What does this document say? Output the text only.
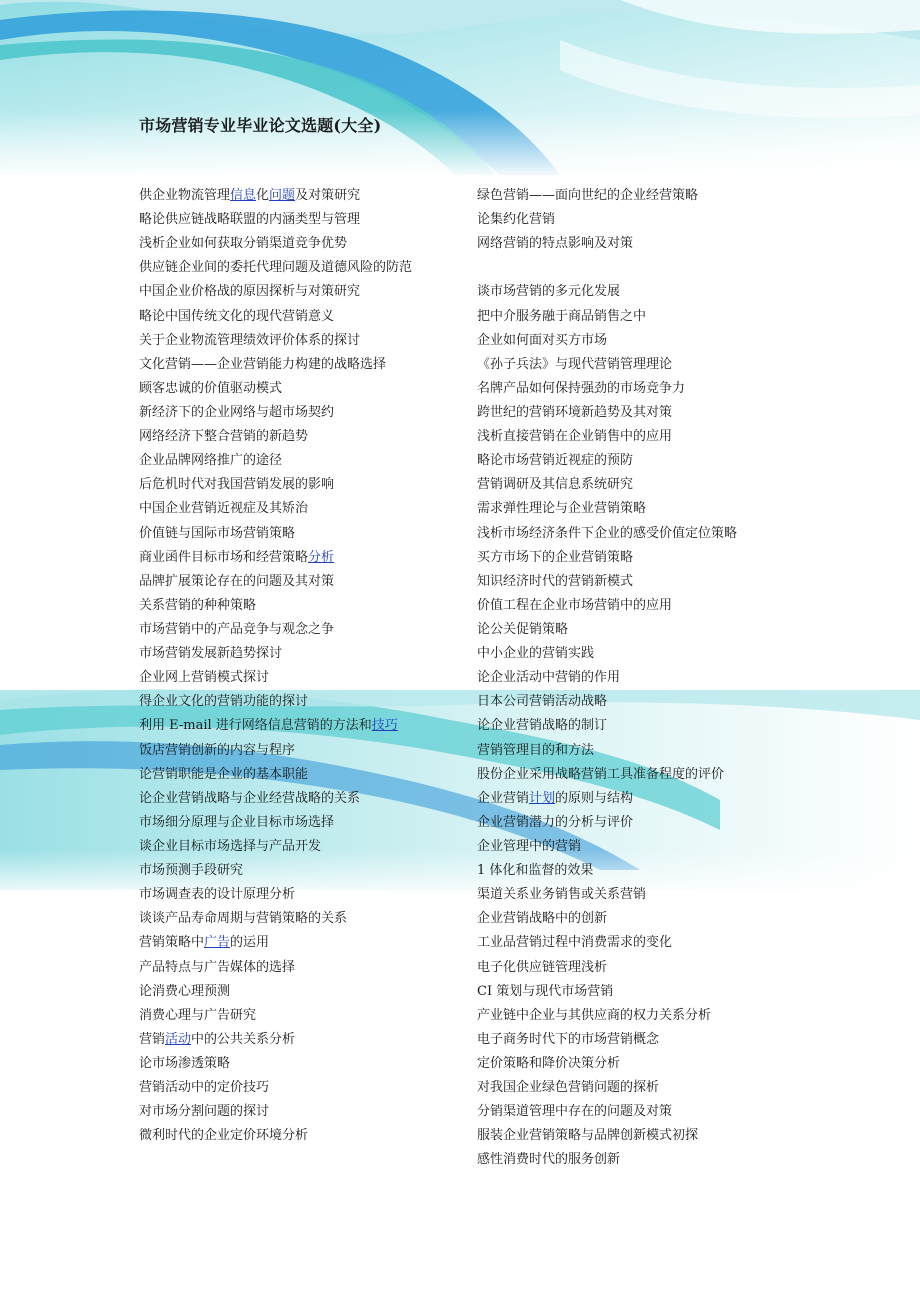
市场营销专业毕业论文选题(大全)
供企业物流管理信息化问题及对策研究
略论供应链战略联盟的内涵类型与管理
浅析企业如何获取分销渠道竞争优势
供应链企业间的委托代理问题及道德风险的防范
中国企业价格战的原因探析与对策研究
略论中国传统文化的现代营销意义
关于企业物流管理绩效评价体系的探讨
文化营销——企业营销能力构建的战略选择
顾客忠诚的价值驱动模式
新经济下的企业网络与超市场契约
网络经济下整合营销的新趋势
企业品牌网络推广的途径
后危机时代对我国营销发展的影响
中国企业营销近视症及其矫治
价值链与国际市场营销策略
商业函件目标市场和经营策略分析
品牌扩展策论存在的问题及其对策
关系营销的种种策略
市场营销中的产品竞争与观念之争
市场营销发展新趋势探讨
企业网上营销模式探讨
得企业文化的营销功能的探讨
利用 E-mail 进行网络信息营销的方法和技巧
饭店营销创新的内容与程序
论营销职能是企业的基本职能
论企业营销战略与企业经营战略的关系
市场细分原理与企业目标市场选择
谈企业目标市场选择与产品开发
市场预测手段研究
市场调查表的设计原理分析
谈谈产品寿命周期与营销策略的关系
营销策略中广告的运用
产品特点与广告媒体的选择
论消费心理预测
消费心理与广告研究
营销活动中的公共关系分析
论市场渗透策略
营销活动中的定价技巧
对市场分割问题的探讨
微利时代的企业定价环境分析
绿色营销——面向世纪的企业经营策略
论集约化营销
网络营销的特点影响及对策
谈市场营销的多元化发展
把中介服务融于商品销售之中
企业如何面对买方市场
《孙子兵法》与现代营销管理理论
名牌产品如何保持强劲的市场竞争力
跨世纪的营销环境新趋势及其对策
浅析直接营销在企业销售中的应用
略论市场营销近视症的预防
营销调研及其信息系统研究
需求弹性理论与企业营销策略
浅析市场经济条件下企业的感受价值定位策略
买方市场下的企业营销策略
知识经济时代的营销新模式
价值工程在企业市场营销中的应用
论公关促销策略
中小企业的营销实践
论企业活动中营销的作用
日本公司营销活动战略
论企业营销战略的制订
营销管理目的和方法
股份企业采用战略营销工具准备程度的评价
企业营销计划的原则与结构
企业营销潜力的分析与评价
企业管理中的营销
1 体化和监督的效果
渠道关系业务销售或关系营销
企业营销战略中的创新
工业品营销过程中消费需求的变化
电子化供应链管理浅析
CI 策划与现代市场营销
产业链中企业与其供应商的权力关系分析
电子商务时代下的市场营销概念
定价策略和降价决策分析
对我国企业绿色营销问题的探析
分销渠道管理中存在的问题及对策
服装企业营销策略与品牌创新模式初探
感性消费时代的服务创新
